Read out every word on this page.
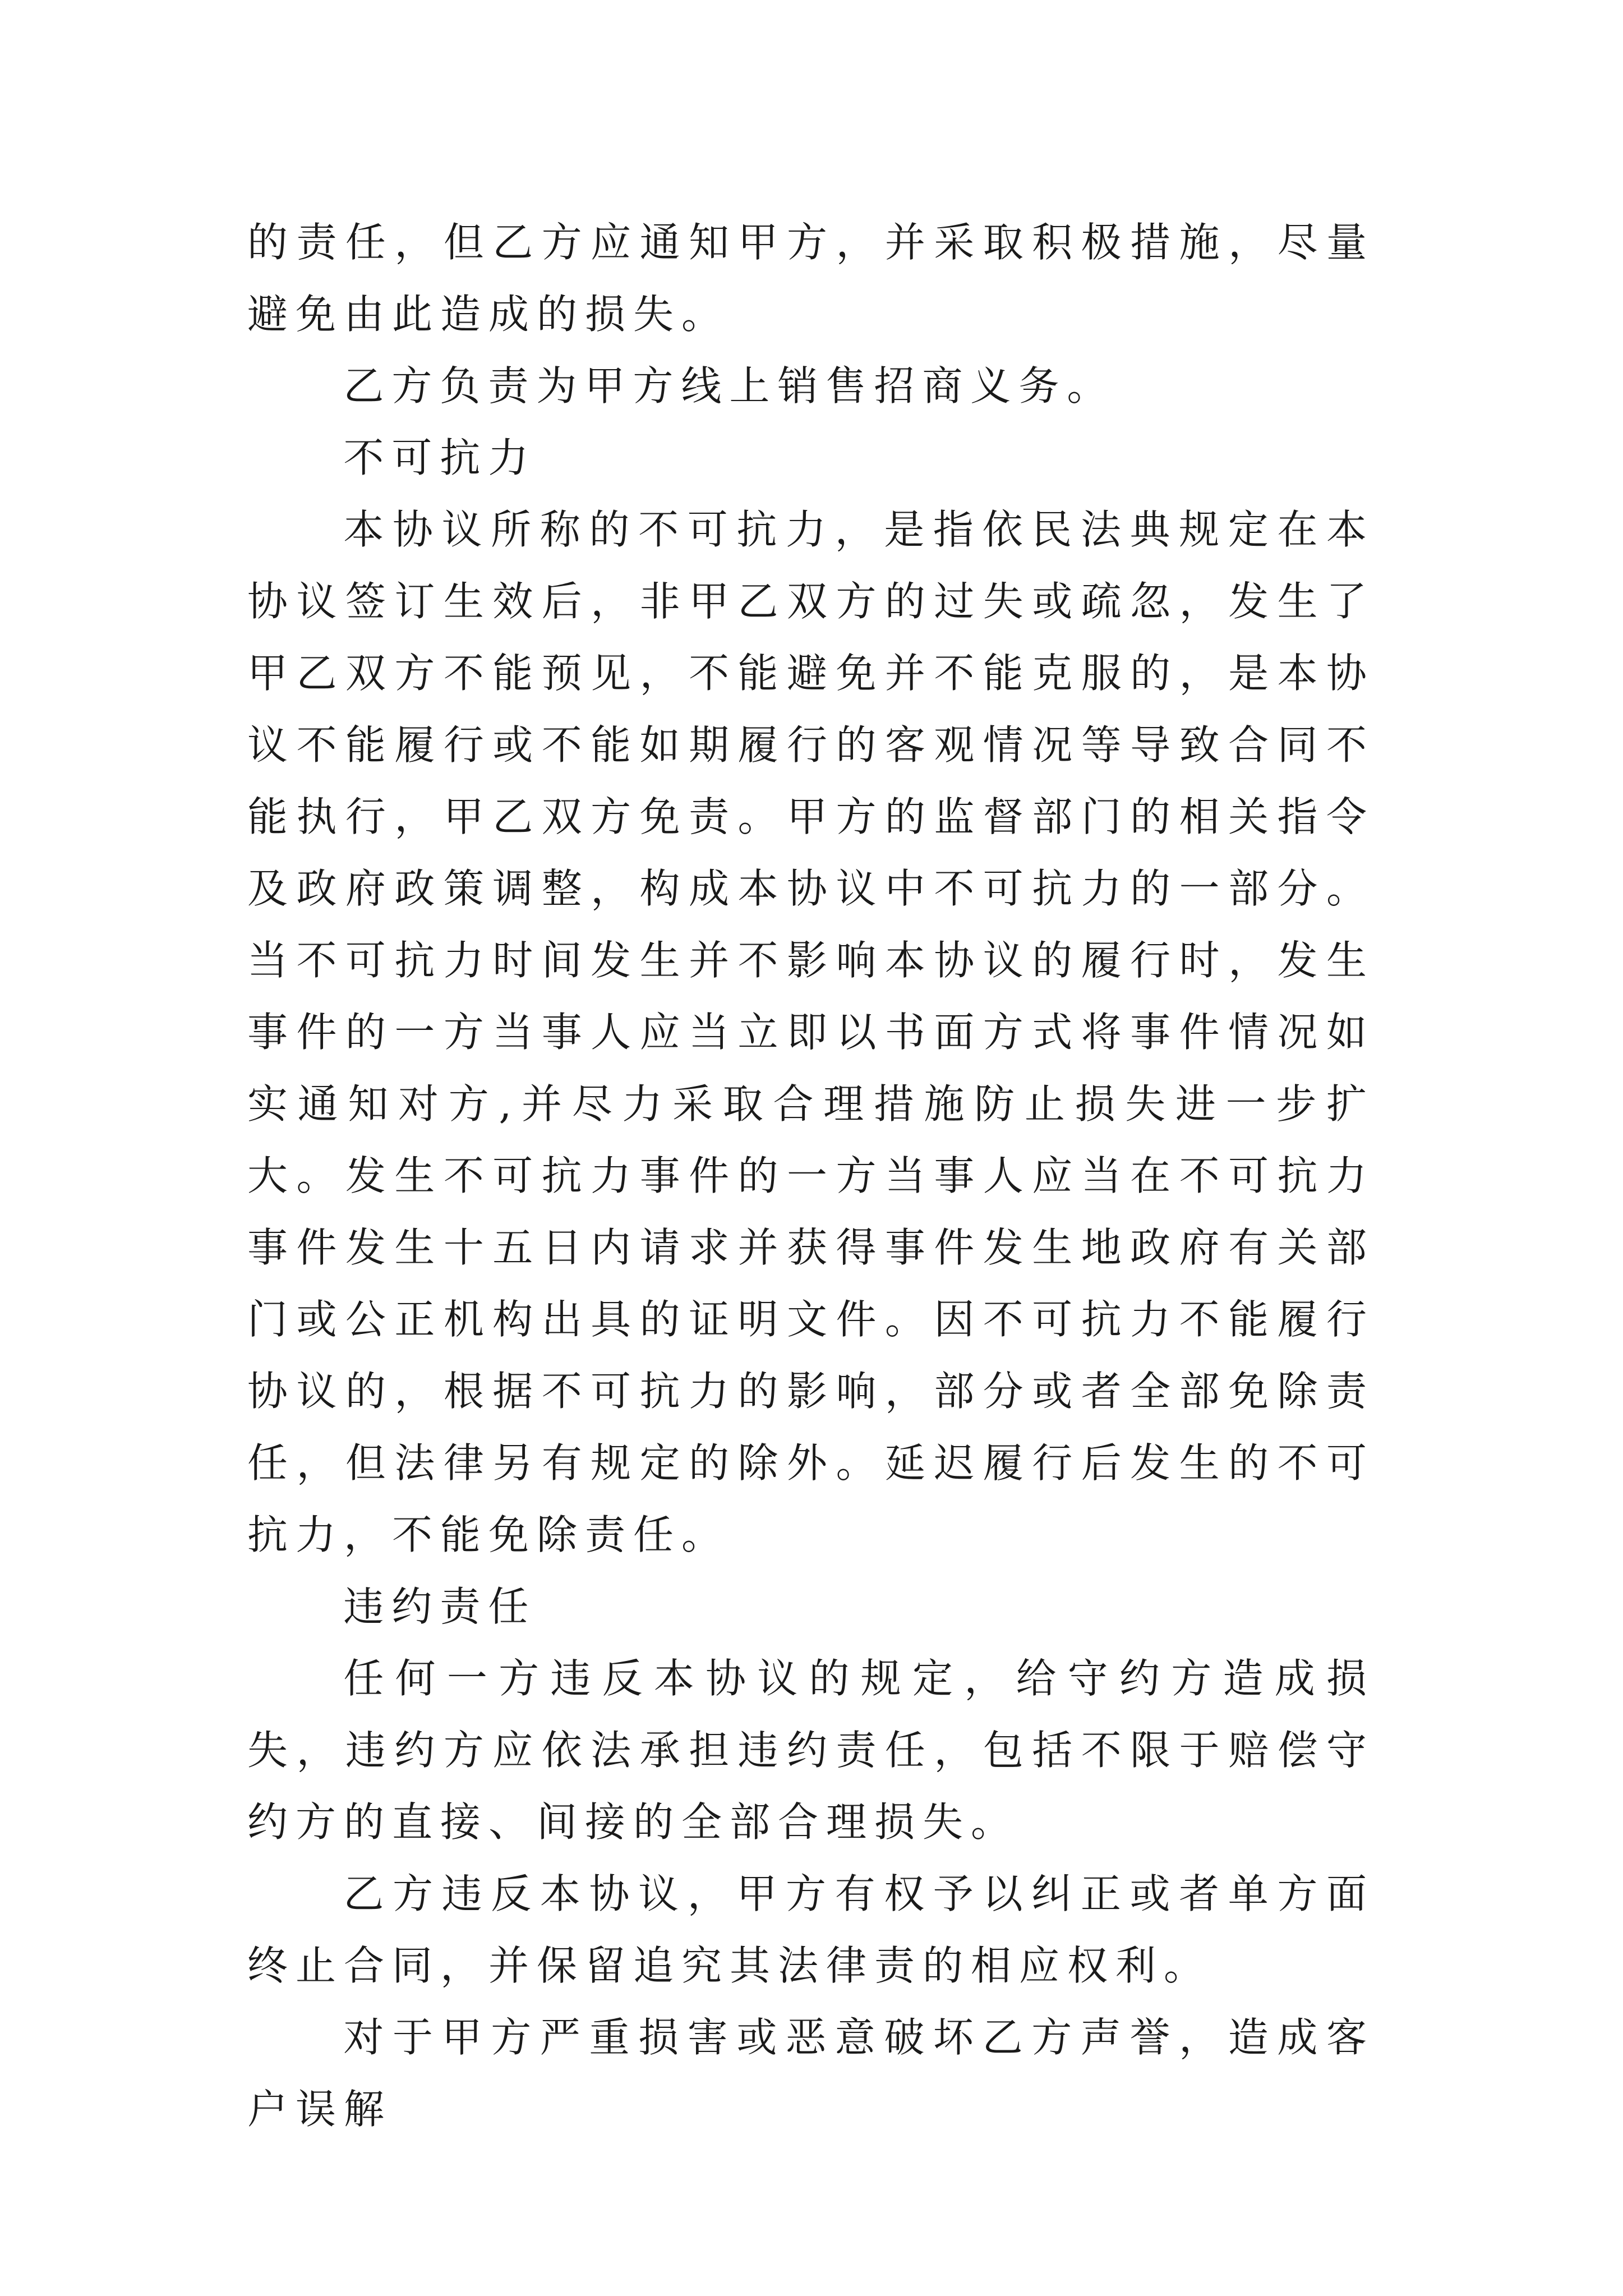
的责任，但乙方应通知甲方，并采取积极措施，尽量避免由此造成的损失。

乙方负责为甲方线上销售招商义务。

不可抗力

本协议所称的不可抗力，是指依民法典规定在本协议签订生效后，非甲乙双方的过失或疏忽，发生了甲乙双方不能预见，不能避免并不能克服的，是本协议不能履行或不能如期履行的客观情况等导致合同不能执行，甲乙双方免责。甲方的监督部门的相关指令及政府政策调整，构成本协议中不可抗力的一部分。当不可抗力时间发生并不影响本协议的履行时，发生事件的一方当事人应当立即以书面方式将事件情况如实通知对方,并尽力采取合理措施防止损失进一步扩大。发生不可抗力事件的一方当事人应当在不可抗力事件发生十五日内请求并获得事件发生地政府有关部门或公正机构出具的证明文件。因不可抗力不能履行协议的，根据不可抗力的影响，部分或者全部免除责任，但法律另有规定的除外。延迟履行后发生的不可抗力，不能免除责任。

违约责任

任何一方违反本协议的规定，给守约方造成损失，违约方应依法承担违约责任，包括不限于赔偿守约方的直接、间接的全部合理损失。

乙方违反本协议，甲方有权予以纠正或者单方面终止合同，并保留追究其法律责的相应权利。

对于甲方严重损害或恶意破坏乙方声誉，造成客户误解
